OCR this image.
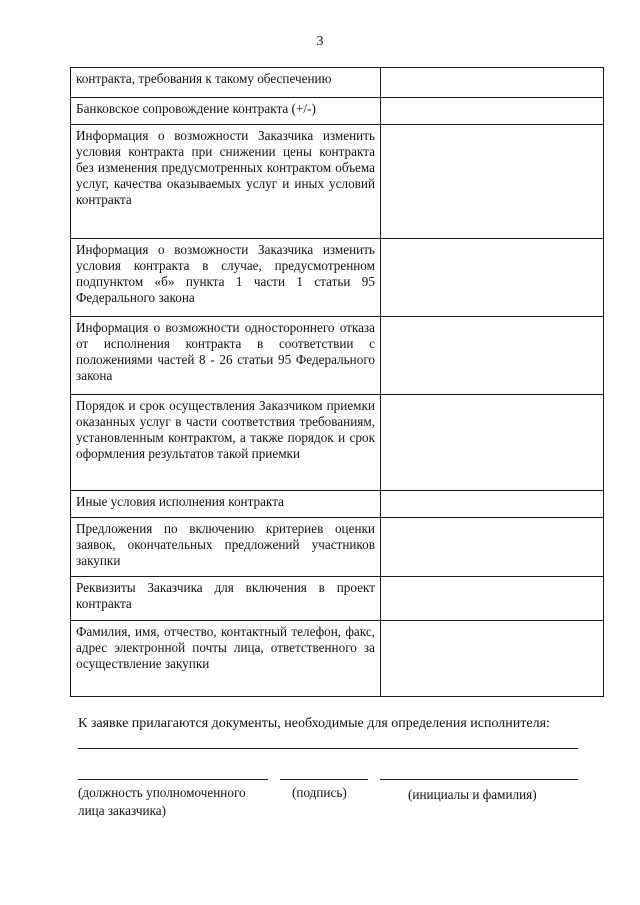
3
контракта, требования к такому обеспечению	
Банковское сопровождение контракта (+/-)	
Информация о возможности Заказчика изменить условия контракта при снижении цены контракта без изменения предусмотренных контрактом объема услуг, качества оказываемых услуг и иных условий контракта	
Информация о возможности Заказчика изменить условия контракта в случае, предусмотренном подпунктом «б» пункта 1 части 1 статьи 95 Федерального закона	
Информация о возможности одностороннего отказа от исполнения контракта в соответствии с положениями частей 8 - 26 статьи 95 Федерального закона	
Порядок и срок осуществления Заказчиком приемки оказанных услуг в части соответствия требованиям, установленным контрактом, а также порядок и срок оформления результатов такой приемки	
Иные условия исполнения контракта	
Предложения по включению критериев оценки заявок, окончательных предложений участников закупки	
Реквизиты Заказчика для включения в проект контракта	
Фамилия, имя, отчество, контактный телефон, факс, адрес электронной почты лица, ответственного за осуществление закупки	
К заявке прилагаются документы, необходимые для определения исполнителя:
(должность уполномоченного лица заказчика)
(подпись)	(инициалы и фамилия)
